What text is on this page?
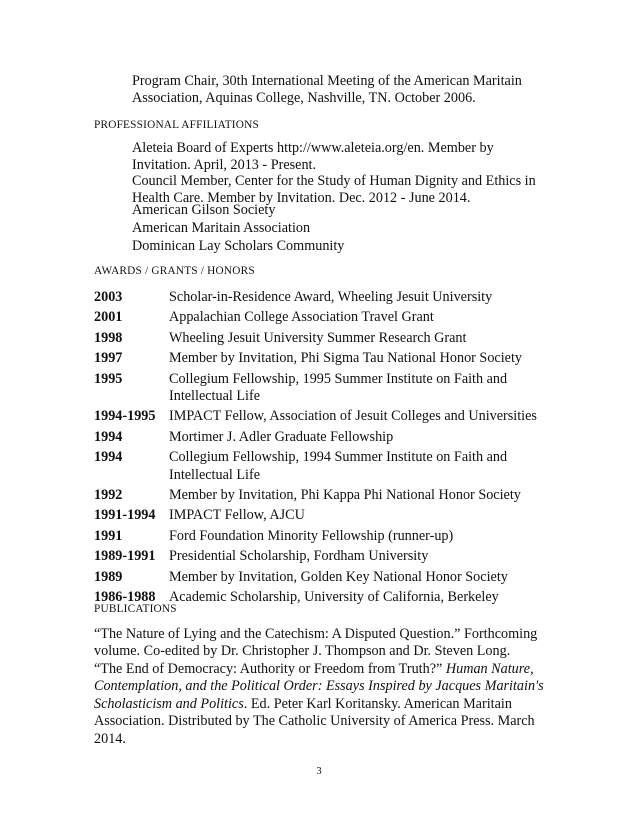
Program Chair, 30th International Meeting of the American Maritain Association, Aquinas College, Nashville, TN. October 2006.
PROFESSIONAL AFFILIATIONS
Aleteia Board of Experts http://www.aleteia.org/en. Member by Invitation. April, 2013 - Present.
Council Member, Center for the Study of Human Dignity and Ethics in Health Care. Member by Invitation. Dec. 2012 - June 2014.
American Gilson Society
American Maritain Association
Dominican Lay Scholars Community
AWARDS / GRANTS / HONORS
2003	Scholar-in-Residence Award, Wheeling Jesuit University
2001	Appalachian College Association Travel Grant
1998	Wheeling Jesuit University Summer Research Grant
1997	Member by Invitation, Phi Sigma Tau National Honor Society
1995	Collegium Fellowship, 1995 Summer Institute on Faith and Intellectual Life
1994-1995 IMPACT Fellow, Association of Jesuit Colleges and Universities
1994	Mortimer J. Adler Graduate Fellowship
1994	Collegium Fellowship, 1994 Summer Institute on Faith and Intellectual Life
1992	Member by Invitation, Phi Kappa Phi National Honor Society
1991-1994 IMPACT Fellow, AJCU
1991	Ford Foundation Minority Fellowship (runner-up)
1989-1991 Presidential Scholarship, Fordham University
1989	Member by Invitation, Golden Key National Honor Society
1986-1988 Academic Scholarship, University of California, Berkeley
PUBLICATIONS
“The Nature of Lying and the Catechism: A Disputed Question.” Forthcoming volume. Co-edited by Dr. Christopher J. Thompson and Dr. Steven Long.
“The End of Democracy: Authority or Freedom from Truth?” Human Nature, Contemplation, and the Political Order: Essays Inspired by Jacques Maritain's Scholasticism and Politics. Ed. Peter Karl Koritansky. American Maritain Association. Distributed by The Catholic University of America Press. March 2014.
3
